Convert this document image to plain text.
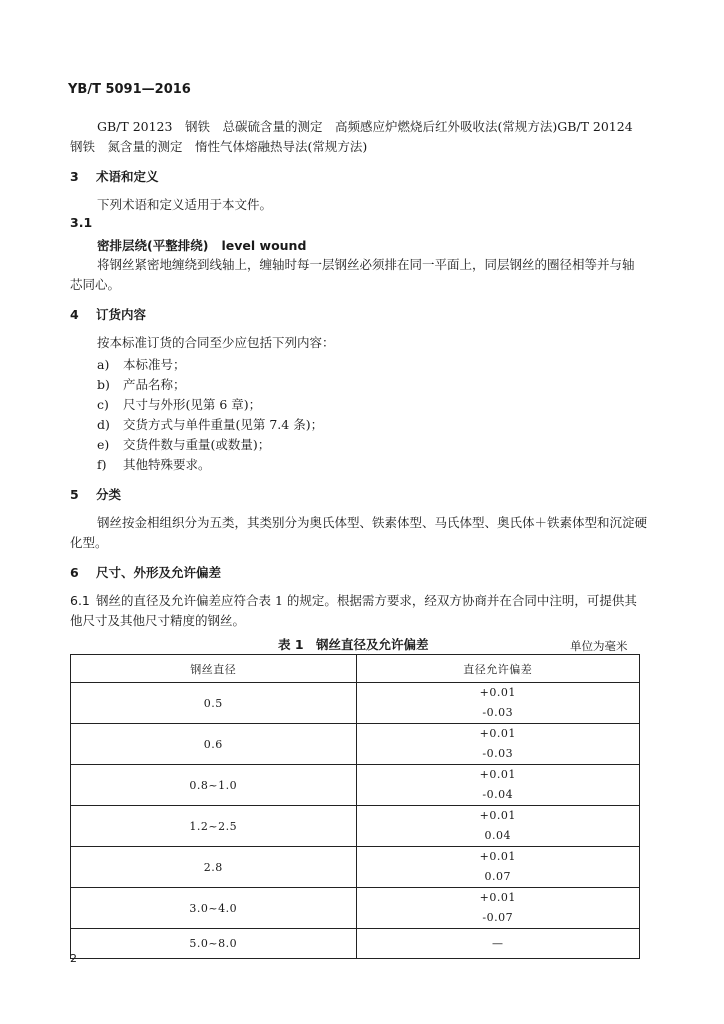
YB/T 5091—2016
GB/T 20123　钢铁　总碳硫含量的测定　高频感应炉燃烧后红外吸收法(常规方法)GB/T 20124
钢铁　氮含量的测定　惰性气体熔融热导法(常规方法)
3 术语和定义
下列术语和定义适用于本文件。
3.1
密排层绕(平整排绕) level wound
将钢丝紧密地缠绕到线轴上，缠轴时每一层钢丝必须排在同一平面上，同层钢丝的圈径相等并与轴
芯同心。
4 订货内容
按本标准订货的合同至少应包括下列内容：
a) 本标准号；
b) 产品名称；
c) 尺寸与外形(见第 6 章)；
d) 交货方式与单件重量(见第 7.4 条)；
e) 交货件数与重量(或数量)；
f) 其他特殊要求。
5 分类
钢丝按金相组织分为五类，其类别分为奥氏体型、铁素体型、马氏体型、奥氏体＋铁素体型和沉淀硬
化型。
6 尺寸、外形及允许偏差
6.1 钢丝的直径及允许偏差应符合表 1 的规定。根据需方要求，经双方协商并在合同中注明，可提供其
他尺寸及其他尺寸精度的钢丝。
表 1　钢丝直径及允许偏差	单位为毫米
钢丝直径	直径允许偏差
0.5	+0.01
-0.03

0.6	+0.01
-0.03

0.8~1.0	+0.01
-0.04

1.2~2.5	+0.01
0.04

2.8	+0.01
0.07

3.0~4.0	+0.01
-0.07

5.0~8.0	—
2
